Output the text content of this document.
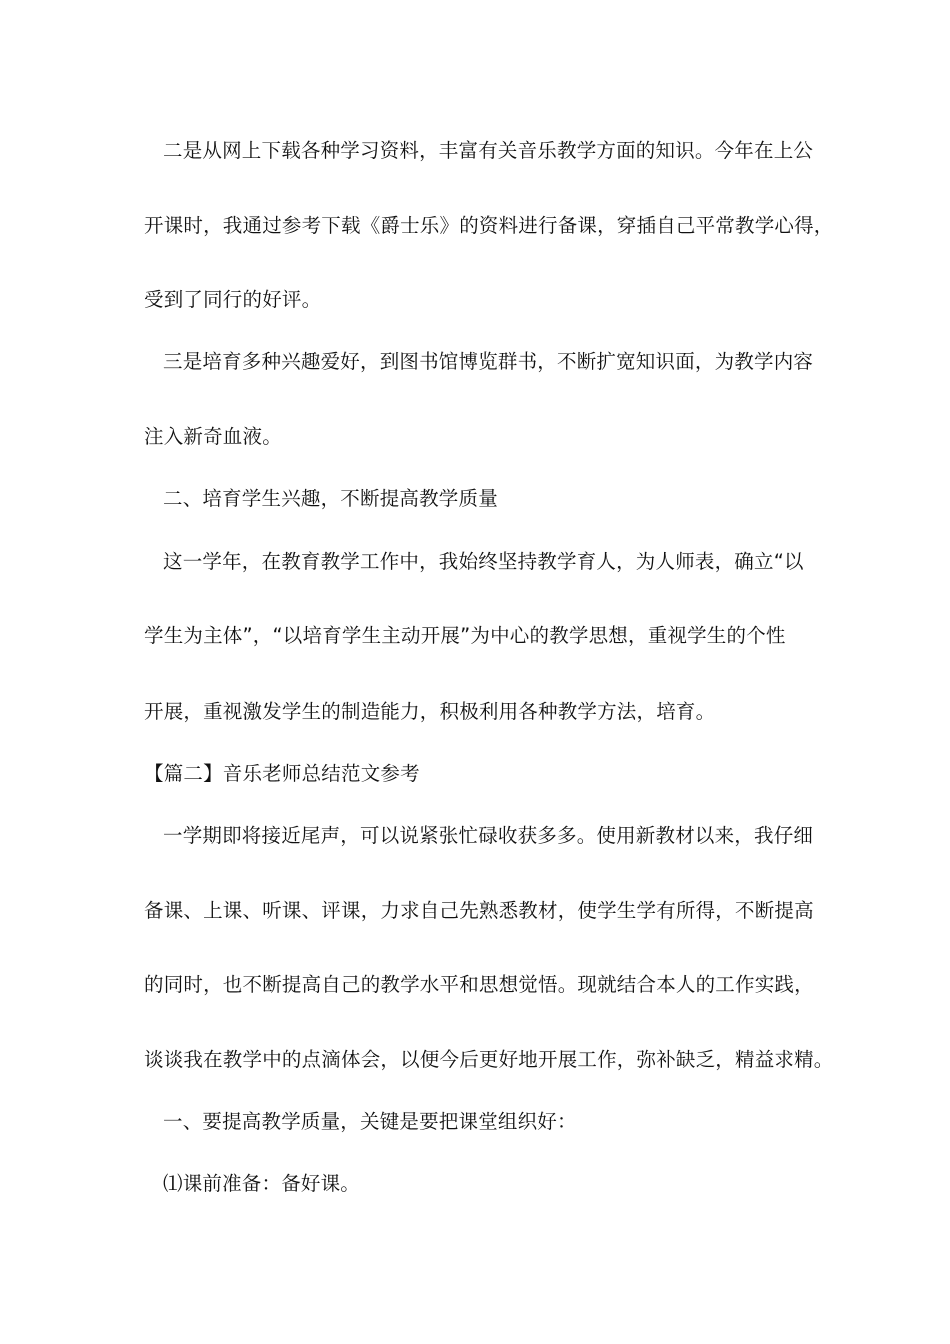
二是从网上下载各种学习资料，丰富有关音乐教学方面的知识。今年在上公
开课时，我通过参考下载《爵士乐》的资料进行备课，穿插自己平常教学心得，
受到了同行的好评。
三是培育多种兴趣爱好，到图书馆博览群书，不断扩宽知识面，为教学内容
注入新奇血液。
二、培育学生兴趣，不断提高教学质量
这一学年，在教育教学工作中，我始终坚持教学育人，为人师表，确立“以
学生为主体”，“以培育学生主动开展”为中心的教学思想，重视学生的个性
开展，重视激发学生的制造能力，积极利用各种教学方法，培育。
【篇二】音乐老师总结范文参考
一学期即将接近尾声，可以说紧张忙碌收获多多。使用新教材以来，我仔细
备课、上课、听课、评课，力求自己先熟悉教材，使学生学有所得，不断提高
的同时，也不断提高自己的教学水平和思想觉悟。现就结合本人的工作实践，
谈谈我在教学中的点滴体会，以便今后更好地开展工作，弥补缺乏，精益求精。
一、要提高教学质量，关键是要把课堂组织好：
⑴课前准备：备好课。
